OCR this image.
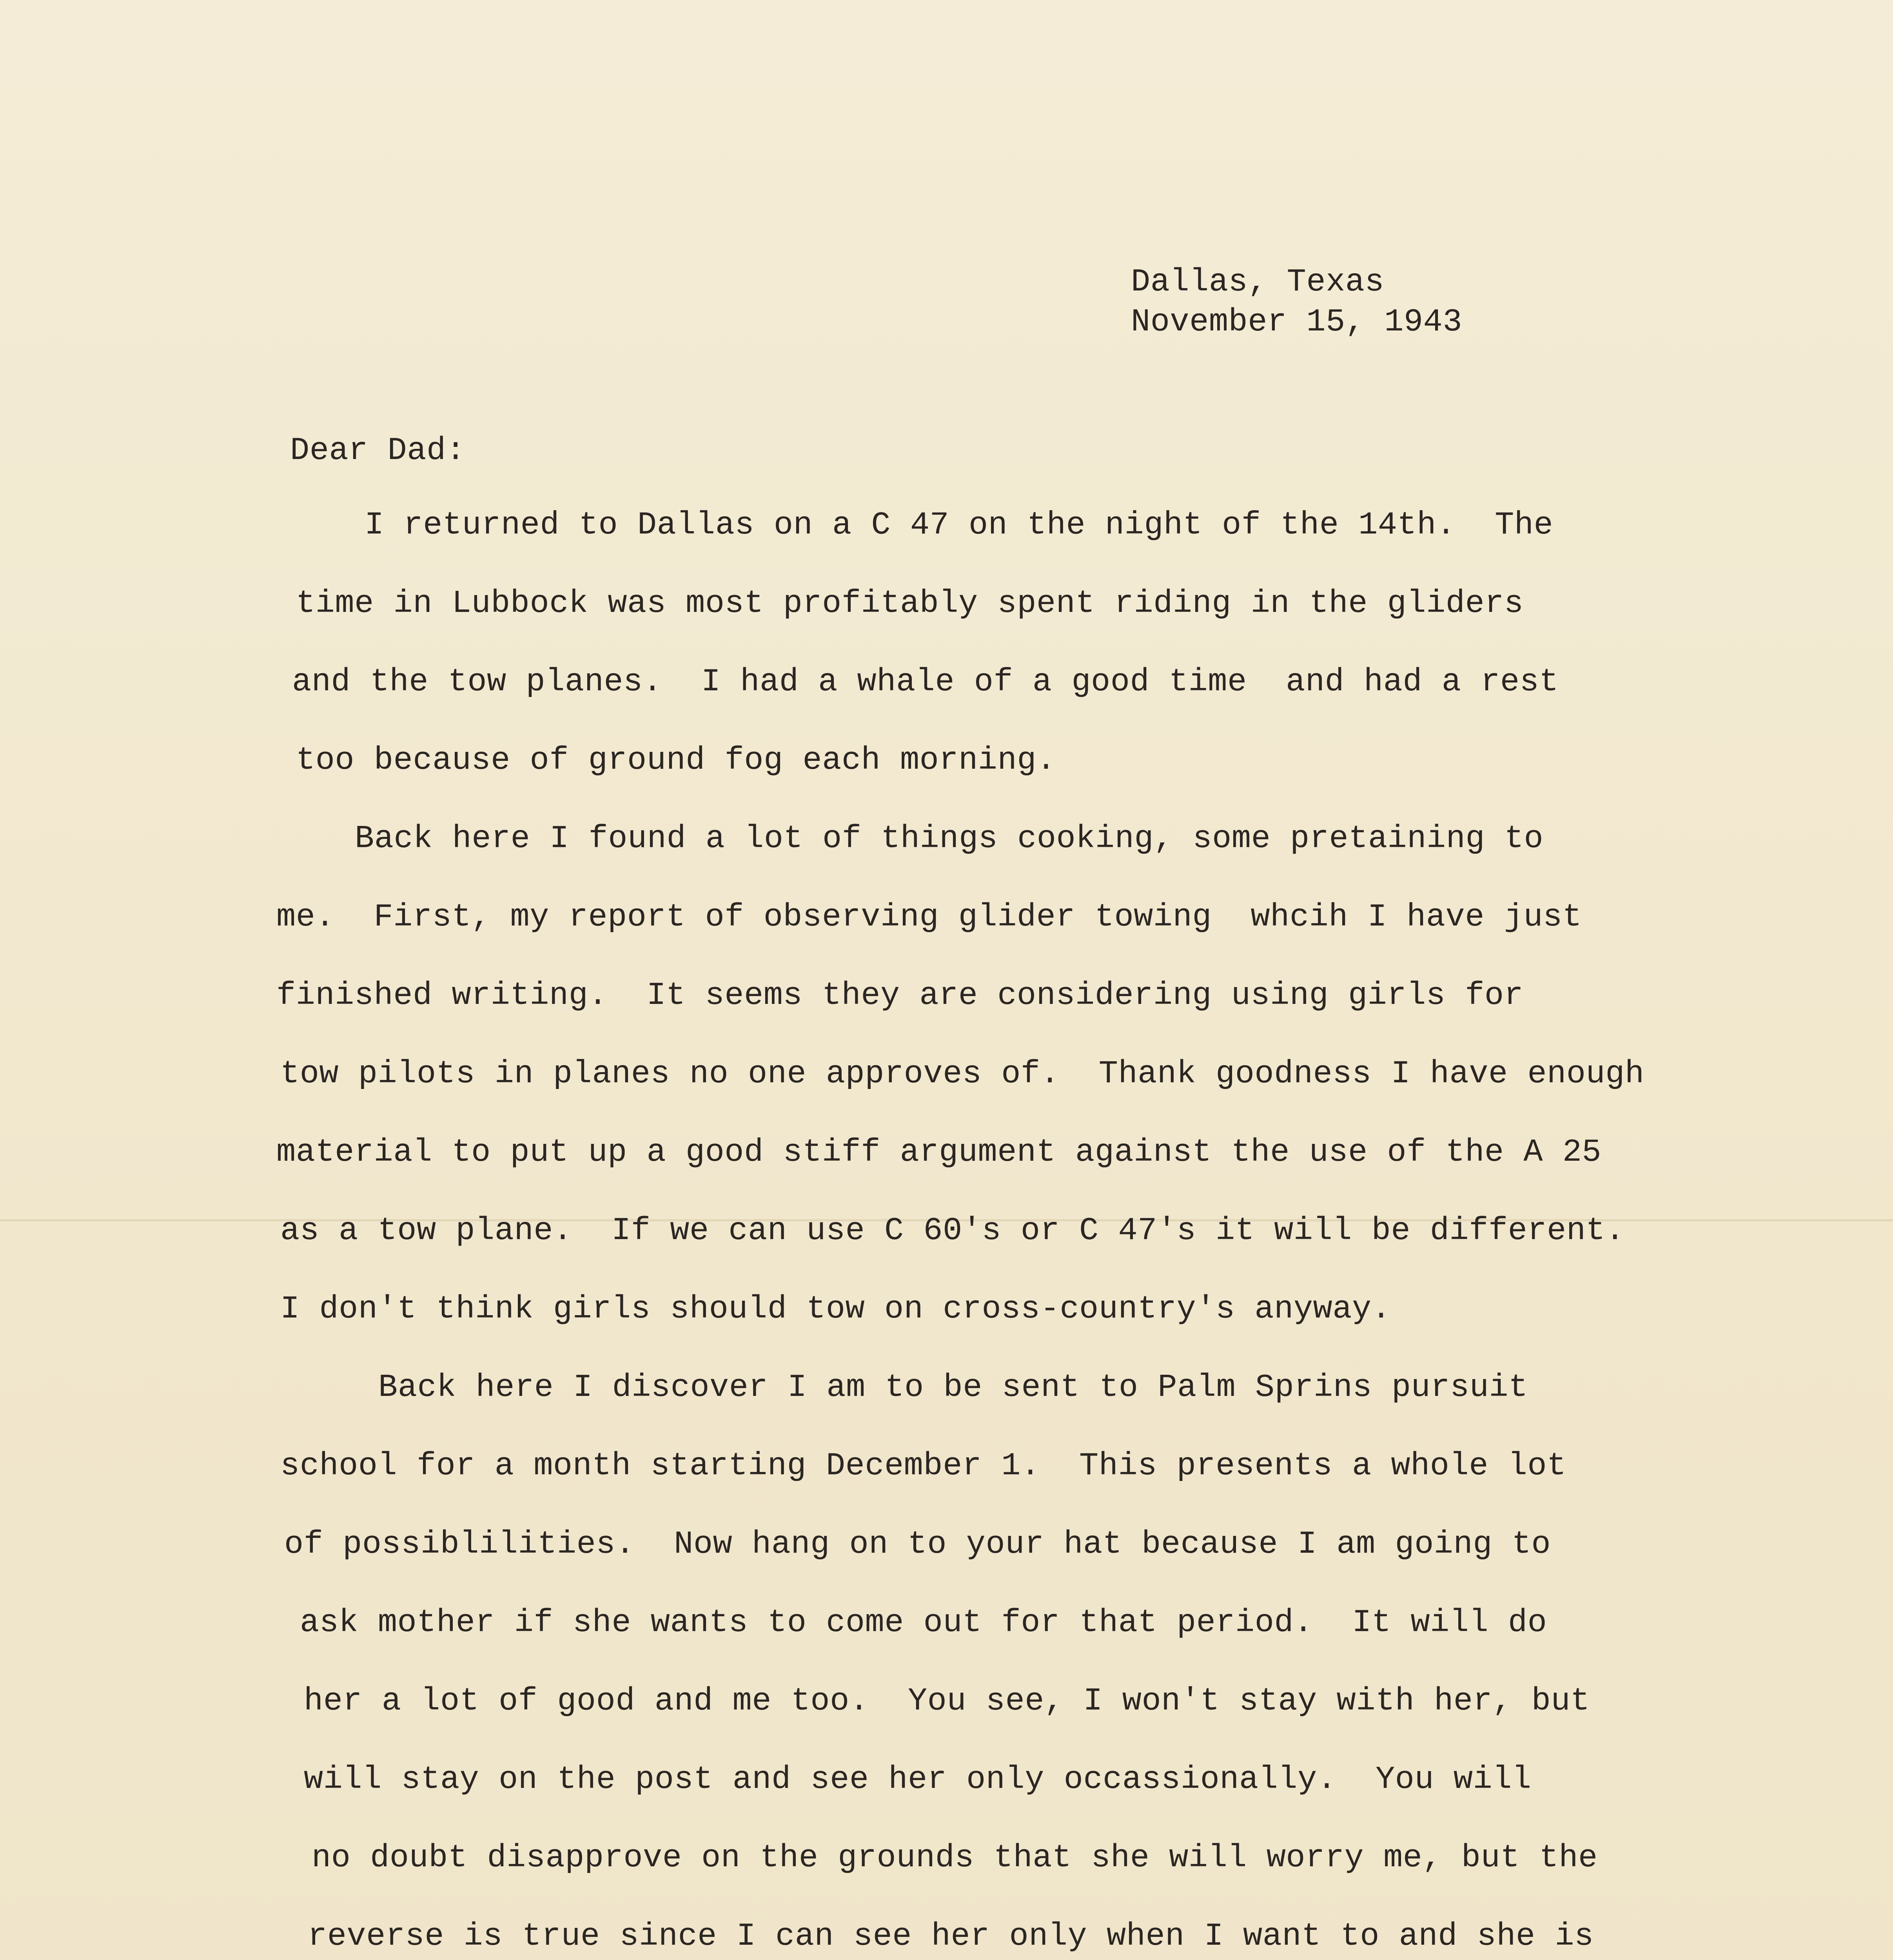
Dallas, Texas

November 15, 1943

Dear Dad:

I returned to Dallas on a C 47 on the night of the 14th.  The

time in Lubbock was most profitably spent riding in the gliders

and the tow planes.  I had a whale of a good time  and had a rest

too because of ground fog each morning.

Back here I found a lot of things cooking, some pretaining to

me.  First, my report of observing glider towing  whcih I have just

finished writing.  It seems they are considering using girls for

tow pilots in planes no one approves of.  Thank goodness I have enough

material to put up a good stiff argument against the use of the A 25

as a tow plane.  If we can use C 60's or C 47's it will be different.

I don't think girls should tow on cross-country's anyway.

Back here I discover I am to be sent to Palm Sprins pursuit

school for a month starting December 1.  This presents a whole lot

of possiblilities.  Now hang on to your hat because I am going to

ask mother if she wants to come out for that period.  It will do

her a lot of good and me too.  You see, I won't stay with her, but

will stay on the post and see her only occassionally.  You will

no doubt disapprove on the grounds that she will worry me, but the

reverse is true since I can see her only when I want to and she is
